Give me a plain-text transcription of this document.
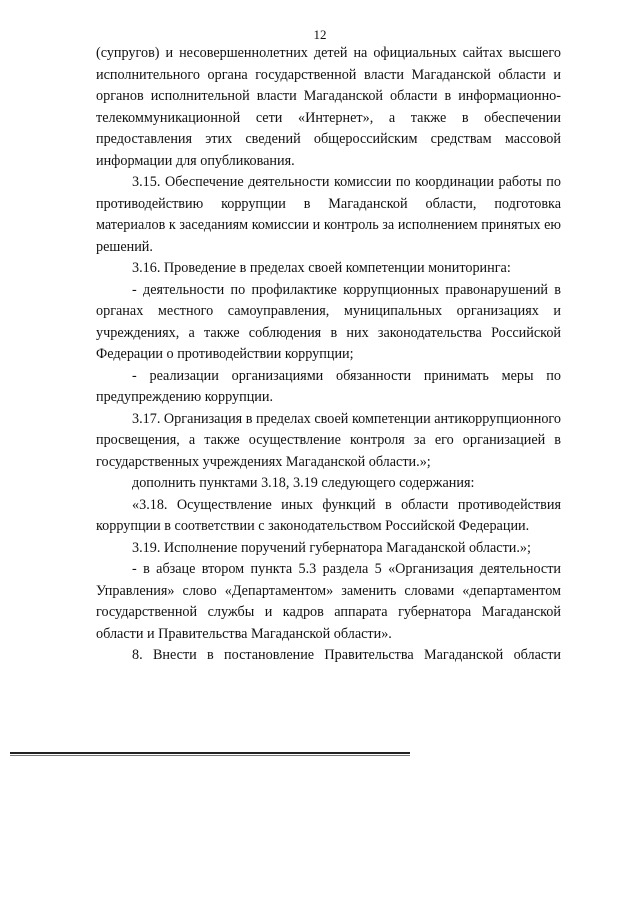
12

(супругов) и несовершеннолетних детей на официальных сайтах высшего исполнительного органа государственной власти Магаданской области и органов исполнительной власти Магаданской области в информационно-телекоммуникационной сети «Интернет», а также в обеспечении предоставления этих сведений общероссийским средствам массовой информации для опубликования.

3.15. Обеспечение деятельности комиссии по координации работы по противодействию коррупции в Магаданской области, подготовка материалов к заседаниям комиссии и контроль за исполнением принятых ею решений.

3.16. Проведение в пределах своей компетенции мониторинга:

- деятельности по профилактике коррупционных правонарушений в органах местного самоуправления, муниципальных организациях и учреждениях, а также соблюдения в них законодательства Российской Федерации о противодействии коррупции;

- реализации организациями обязанности принимать меры по предупреждению коррупции.

3.17. Организация в пределах своей компетенции антикоррупционного просвещения, а также осуществление контроля за его организацией в государственных учреждениях Магаданской области.»;

дополнить пунктами 3.18, 3.19 следующего содержания:

«3.18. Осуществление иных функций в области противодействия коррупции в соответствии с законодательством Российской Федерации.

3.19. Исполнение поручений губернатора Магаданской области.»;

- в абзаце втором пункта 5.3 раздела 5 «Организация деятельности Управления» слово «Департаментом» заменить словами «департаментом государственной службы и кадров аппарата губернатора Магаданской области и Правительства Магаданской области».

8. Внести в постановление Правительства Магаданской области
